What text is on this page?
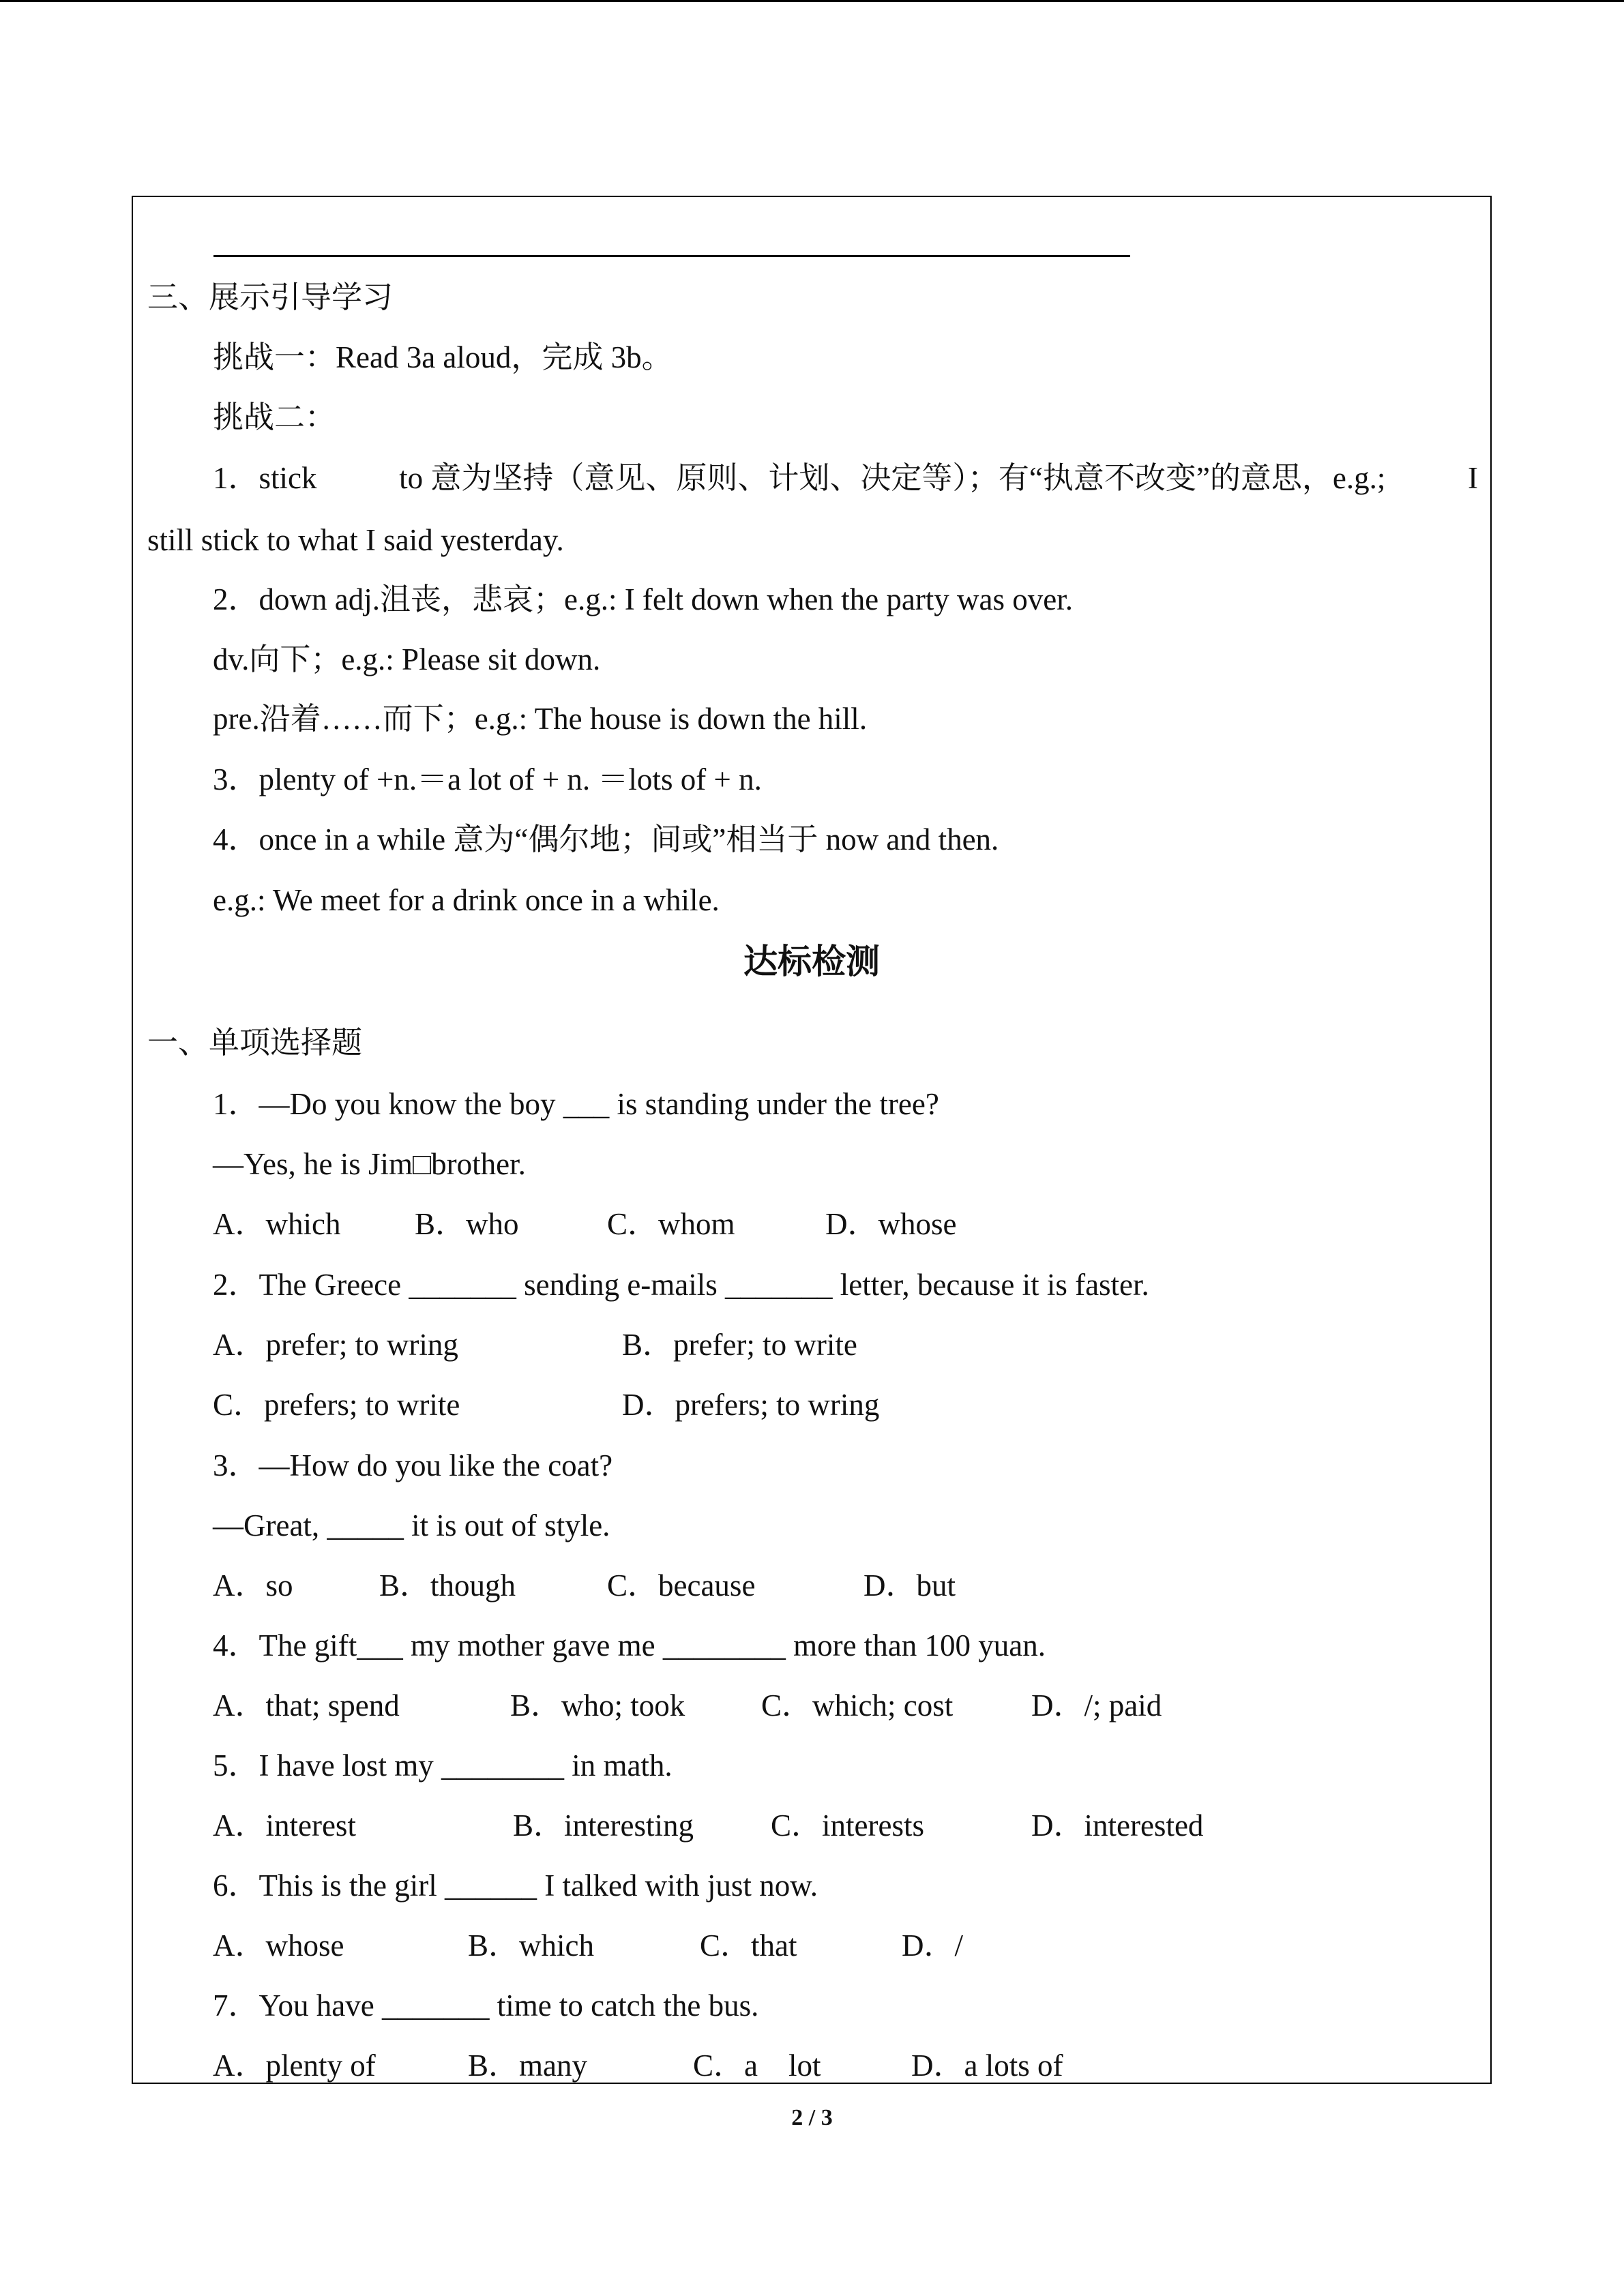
三、展示引导学习
挑战一：Read 3a aloud，完成 3b。
挑战二：
1．stick	to 意为坚持（意见、原则、计划、决定等）；有“执意不改变”的意思，e.g.;	I
still stick to what I said yesterday.
2．down adj.沮丧，悲哀；e.g.: I felt down when the party was over.
dv.向下；e.g.: Please sit down.
pre.沿着……而下；e.g.: The house is down the hill.
3．plenty of +n.＝a lot of + n. ＝lots of + n.
4．once in a while 意为“偶尔地；间或”相当于 now and then.
e.g.: We meet for a drink once in a while.
达标检测
一、单项选择题
1．—Do you know the boy ___ is standing under the tree?
—Yes, he is Jim□brother.
A．which B．who	C．whom	D．whose
2．The Greece _______ sending e-mails _______ letter, because it is faster.
A．prefer; to wring	B．prefer; to write
C．prefers; to write	D．prefers; to wring
3．—How do you like the coat?
—Great, _____ it is out of style.
A．so	B．though	C．because	D．but
4．The gift___ my mother gave me ________ more than 100 yuan.
A．that; spend	B．who; took C．which; cost	D．/; paid
5．I have lost my ________ in math.
A．interest	B．interesting	C．interests	D．interested
6．This is the girl ______ I talked with just now.
A．whose	B．which	C．that	D．/
7．You have _______ time to catch the bus.
A．plenty of	B．many	C．a    lot	D．a lots of
2 / 3
